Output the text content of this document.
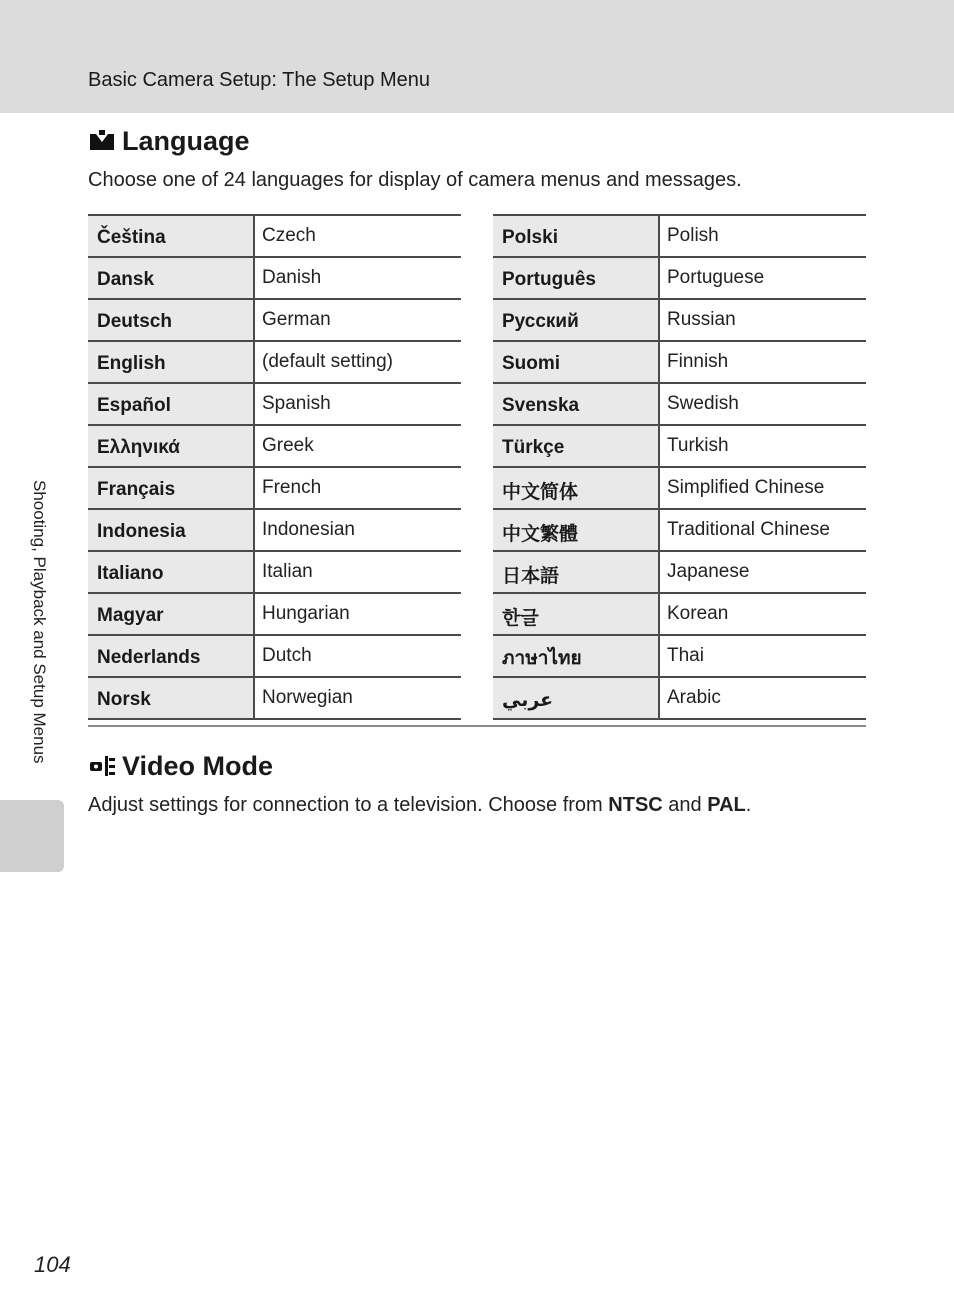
Basic Camera Setup: The Setup Menu
Language
Choose one of 24 languages for display of camera menus and messages.
Čeština	Czech
Dansk	Danish
Deutsch	German
English	(default setting)
Español	Spanish
Ελληνικά	Greek
Français	French
Indonesia	Indonesian
Italiano	Italian
Magyar	Hungarian
Nederlands	Dutch
Norsk	Norwegian
Polski	Polish
Português	Portuguese
Русский	Russian
Suomi	Finnish
Svenska	Swedish
Türkçe	Turkish
中文简体	Simplified Chinese
中文繁體	Traditional Chinese
日本語	Japanese
한글	Korean
ภาษาไทย	Thai
عربي	Arabic
Video Mode
Adjust settings for connection to a television. Choose from NTSC and PAL.
Shooting, Playback and Setup Menus
104
